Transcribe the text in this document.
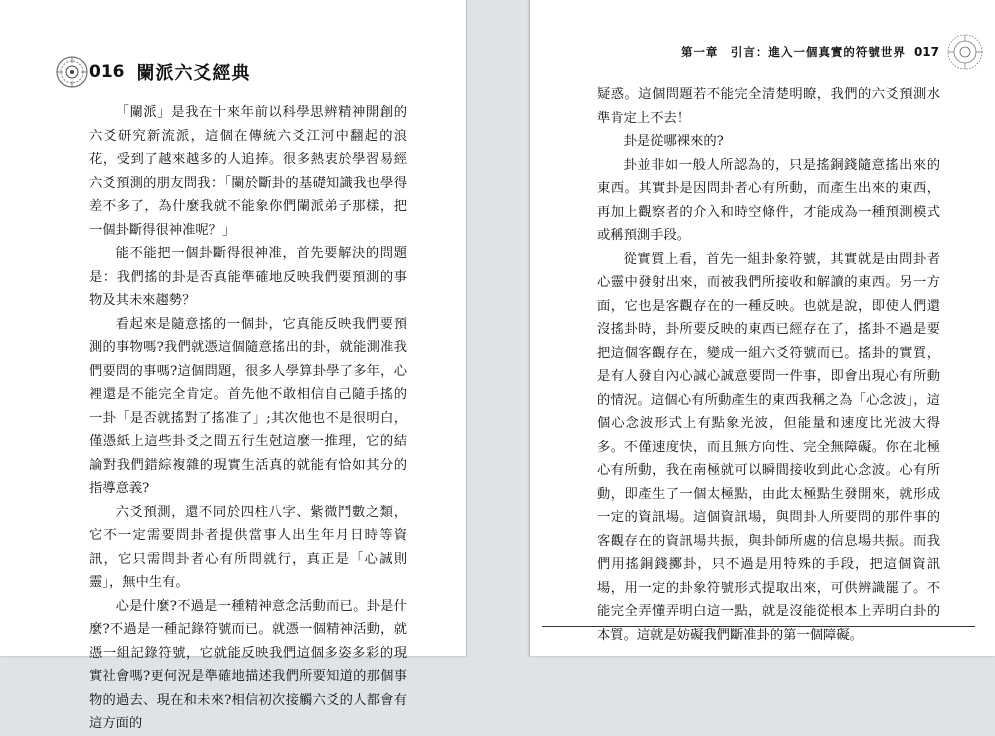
016 闌派六爻經典

「闌派」是我在十來年前以科學思辨精神開創的六爻研究新流派，這個在傳統六爻江河中翻起的浪花，受到了越來越多的人追捧。很多熱衷於學習易經六爻預測的朋友問我：「闌於斷卦的基礎知識我也學得差不多了，為什麼我就不能象你們闌派弟子那樣，把一個卦斷得很神准呢？」

能不能把一個卦斷得很神准，首先要解決的問題是：我們搖的卦是否真能準確地反映我們要預測的事物及其未來趨勢？

看起來是隨意搖的一個卦，它真能反映我們要預測的事物嗎?我們就憑這個隨意搖出的卦，就能測准我們要問的事嗎?這個問題，很多人學算卦學了多年，心裡還是不能完全肯定。首先他不敢相信自己隨手搖的一卦「是否就搖對了搖准了」;其次他也不是很明白，僅憑紙上這些卦爻之間五行生尅這麼一推理，它的結論對我們錯綜複雜的現實生活真的就能有恰如其分的指導意義?

六爻預測，還不同於四柱八字、紫微鬥數之類，它不一定需要問卦者提供當事人出生年月日時等資訊，它只需問卦者心有所問就行，真正是「心誠則靈」，無中生有。

心是什麼?不過是一種精神意念活動而已。卦是什麼?不過是一種記錄符號而已。就憑一個精神活動，就憑一組記錄符號，它就能反映我們這個多姿多彩的現實社會嗎?更何況是準確地描述我們所要知道的那個事物的過去、現在和未來?相信初次接觸六爻的人都會有這方面的

第一章　引言：進入一個真實的符號世界 017

疑惑。這個問題若不能完全清楚明瞭，我們的六爻預測水準肯定上不去！

卦是從哪裸來的?

卦並非如一般人所認為的，只是搖銅錢隨意搖出來的東西。其實卦是因問卦者心有所動，而產生出來的東西，再加上觀察者的介入和時空條件，才能成為一種預測模式或稱預測手段。

從實質上看，首先一組卦象符號，其實就是由問卦者心靈中發射出來，而被我們所接收和解讀的東西。另一方面，它也是客觀存在的一種反映。也就是說，即使人們還沒搖卦時，卦所要反映的東西已經存在了，搖卦不過是要把這個客觀存在，變成一組六爻符號而已。搖卦的實質，是有人發自內心誠心誠意要問一件事，即會出現心有所動的情況。這個心有所動產生的東西我稱之為「心念波」，這個心念波形式上有點象光波，但能量和速度比光波大得多。不僅速度快，而且無方向性、完全無障礙。你在北極心有所動，我在南極就可以瞬間接收到此心念波。心有所動，即產生了一個太極點，由此太極點生發開來，就形成一定的資訊場。這個資訊場，與問卦人所要問的那件事的客觀存在的資訊場共振，與卦師所處的信息場共振。而我們用搖銅錢擲卦，只不過是用特殊的手段，把這個資訊場，用一定的卦象符號形式提取出來，可供辨識罷了。不能完全弄懂弄明白這一點，就是沒能從根本上弄明白卦的本質。這就是妨礙我們斷准卦的第一個障礙。
